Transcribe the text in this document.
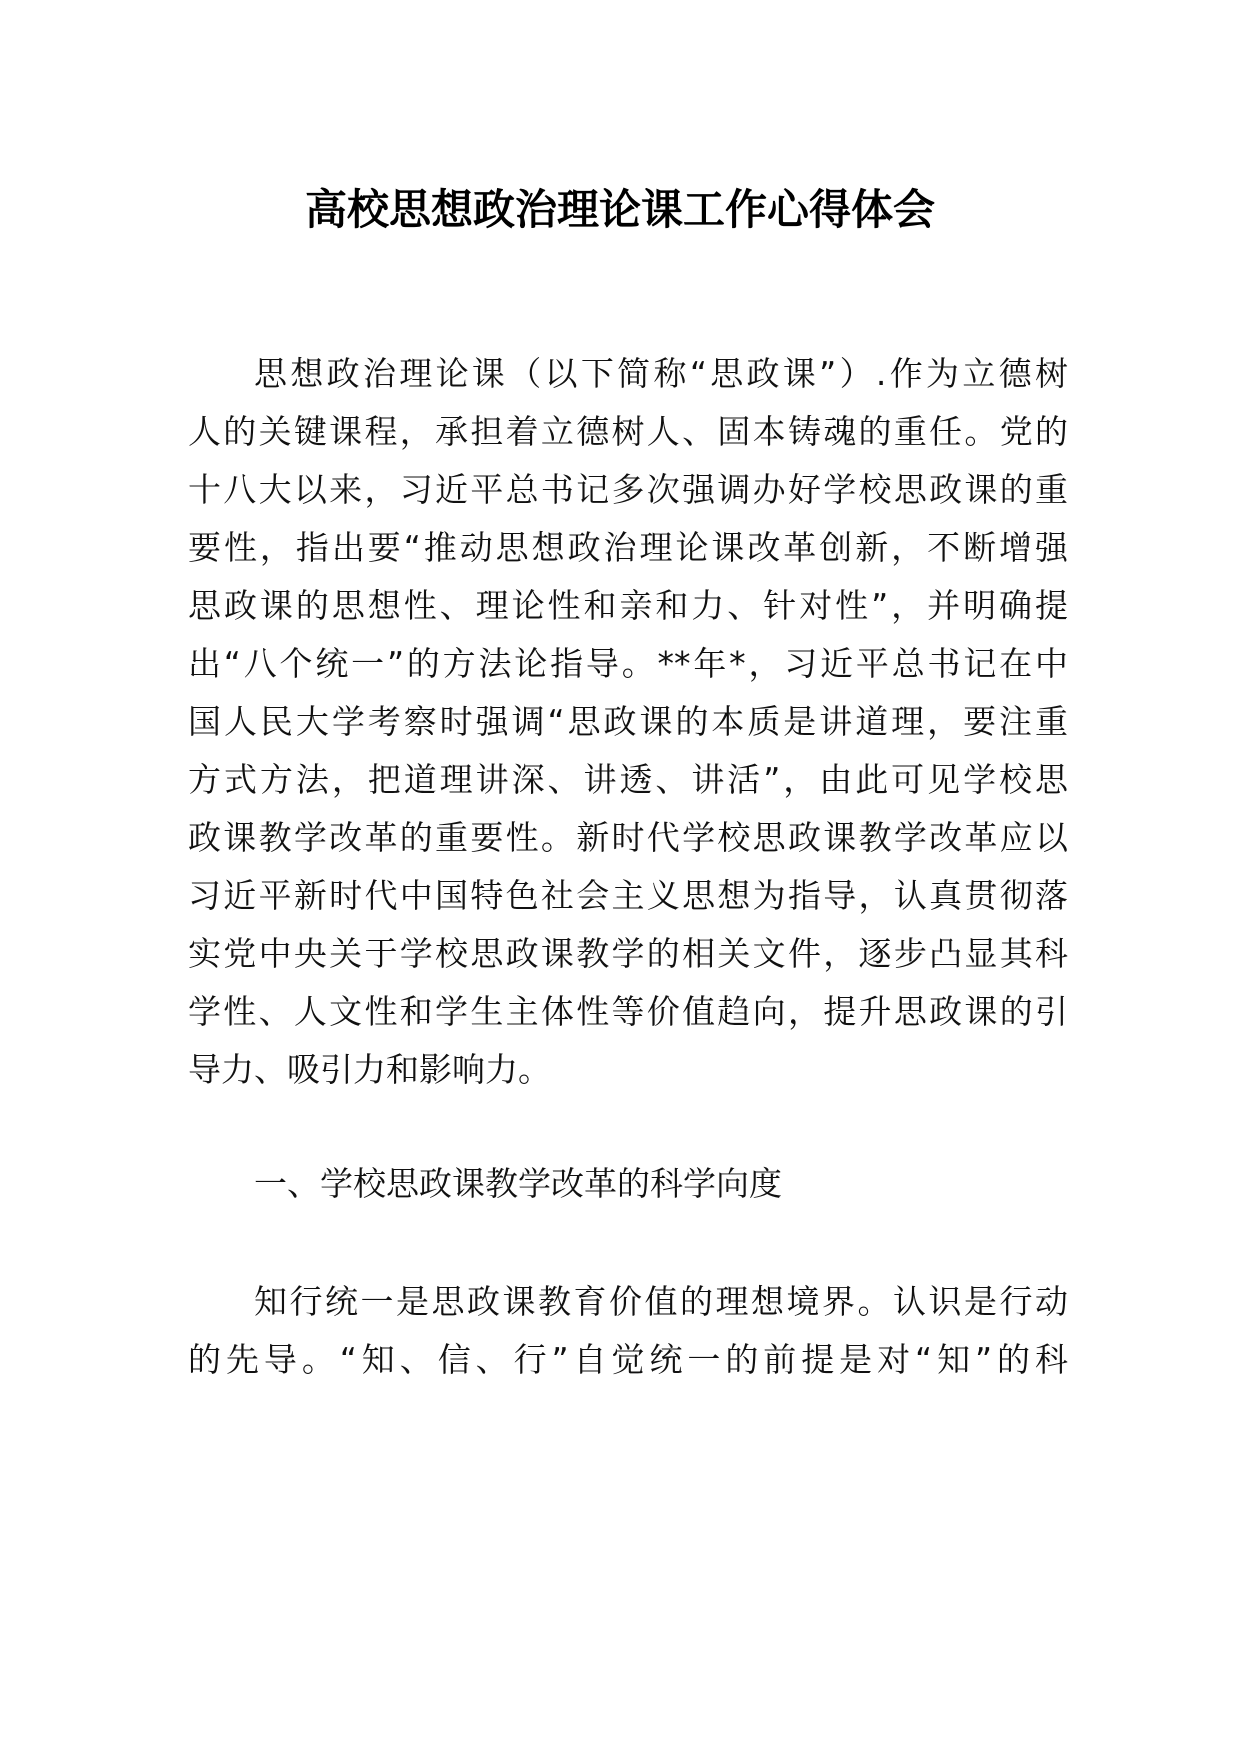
高校思想政治理论课工作心得体会
思想政治理论课（以下简称“思政课”）.作为立德树
人的关键课程，承担着立德树人、固本铸魂的重任。党的
十八大以来，习近平总书记多次强调办好学校思政课的重
要性，指出要“推动思想政治理论课改革创新，不断增强
思政课的思想性、理论性和亲和力、针对性”，并明确提
出“八个统一”的方法论指导。**年*，习近平总书记在中
国人民大学考察时强调“思政课的本质是讲道理，要注重
方式方法，把道理讲深、讲透、讲活”，由此可见学校思
政课教学改革的重要性。新时代学校思政课教学改革应以
习近平新时代中国特色社会主义思想为指导，认真贯彻落
实党中央关于学校思政课教学的相关文件，逐步凸显其科
学性、人文性和学生主体性等价值趋向，提升思政课的引
导力、吸引力和影响力。
一、学校思政课教学改革的科学向度
知行统一是思政课教育价值的理想境界。认识是行动
的先导。“知、信、行”自觉统一的前提是对“知”的科
